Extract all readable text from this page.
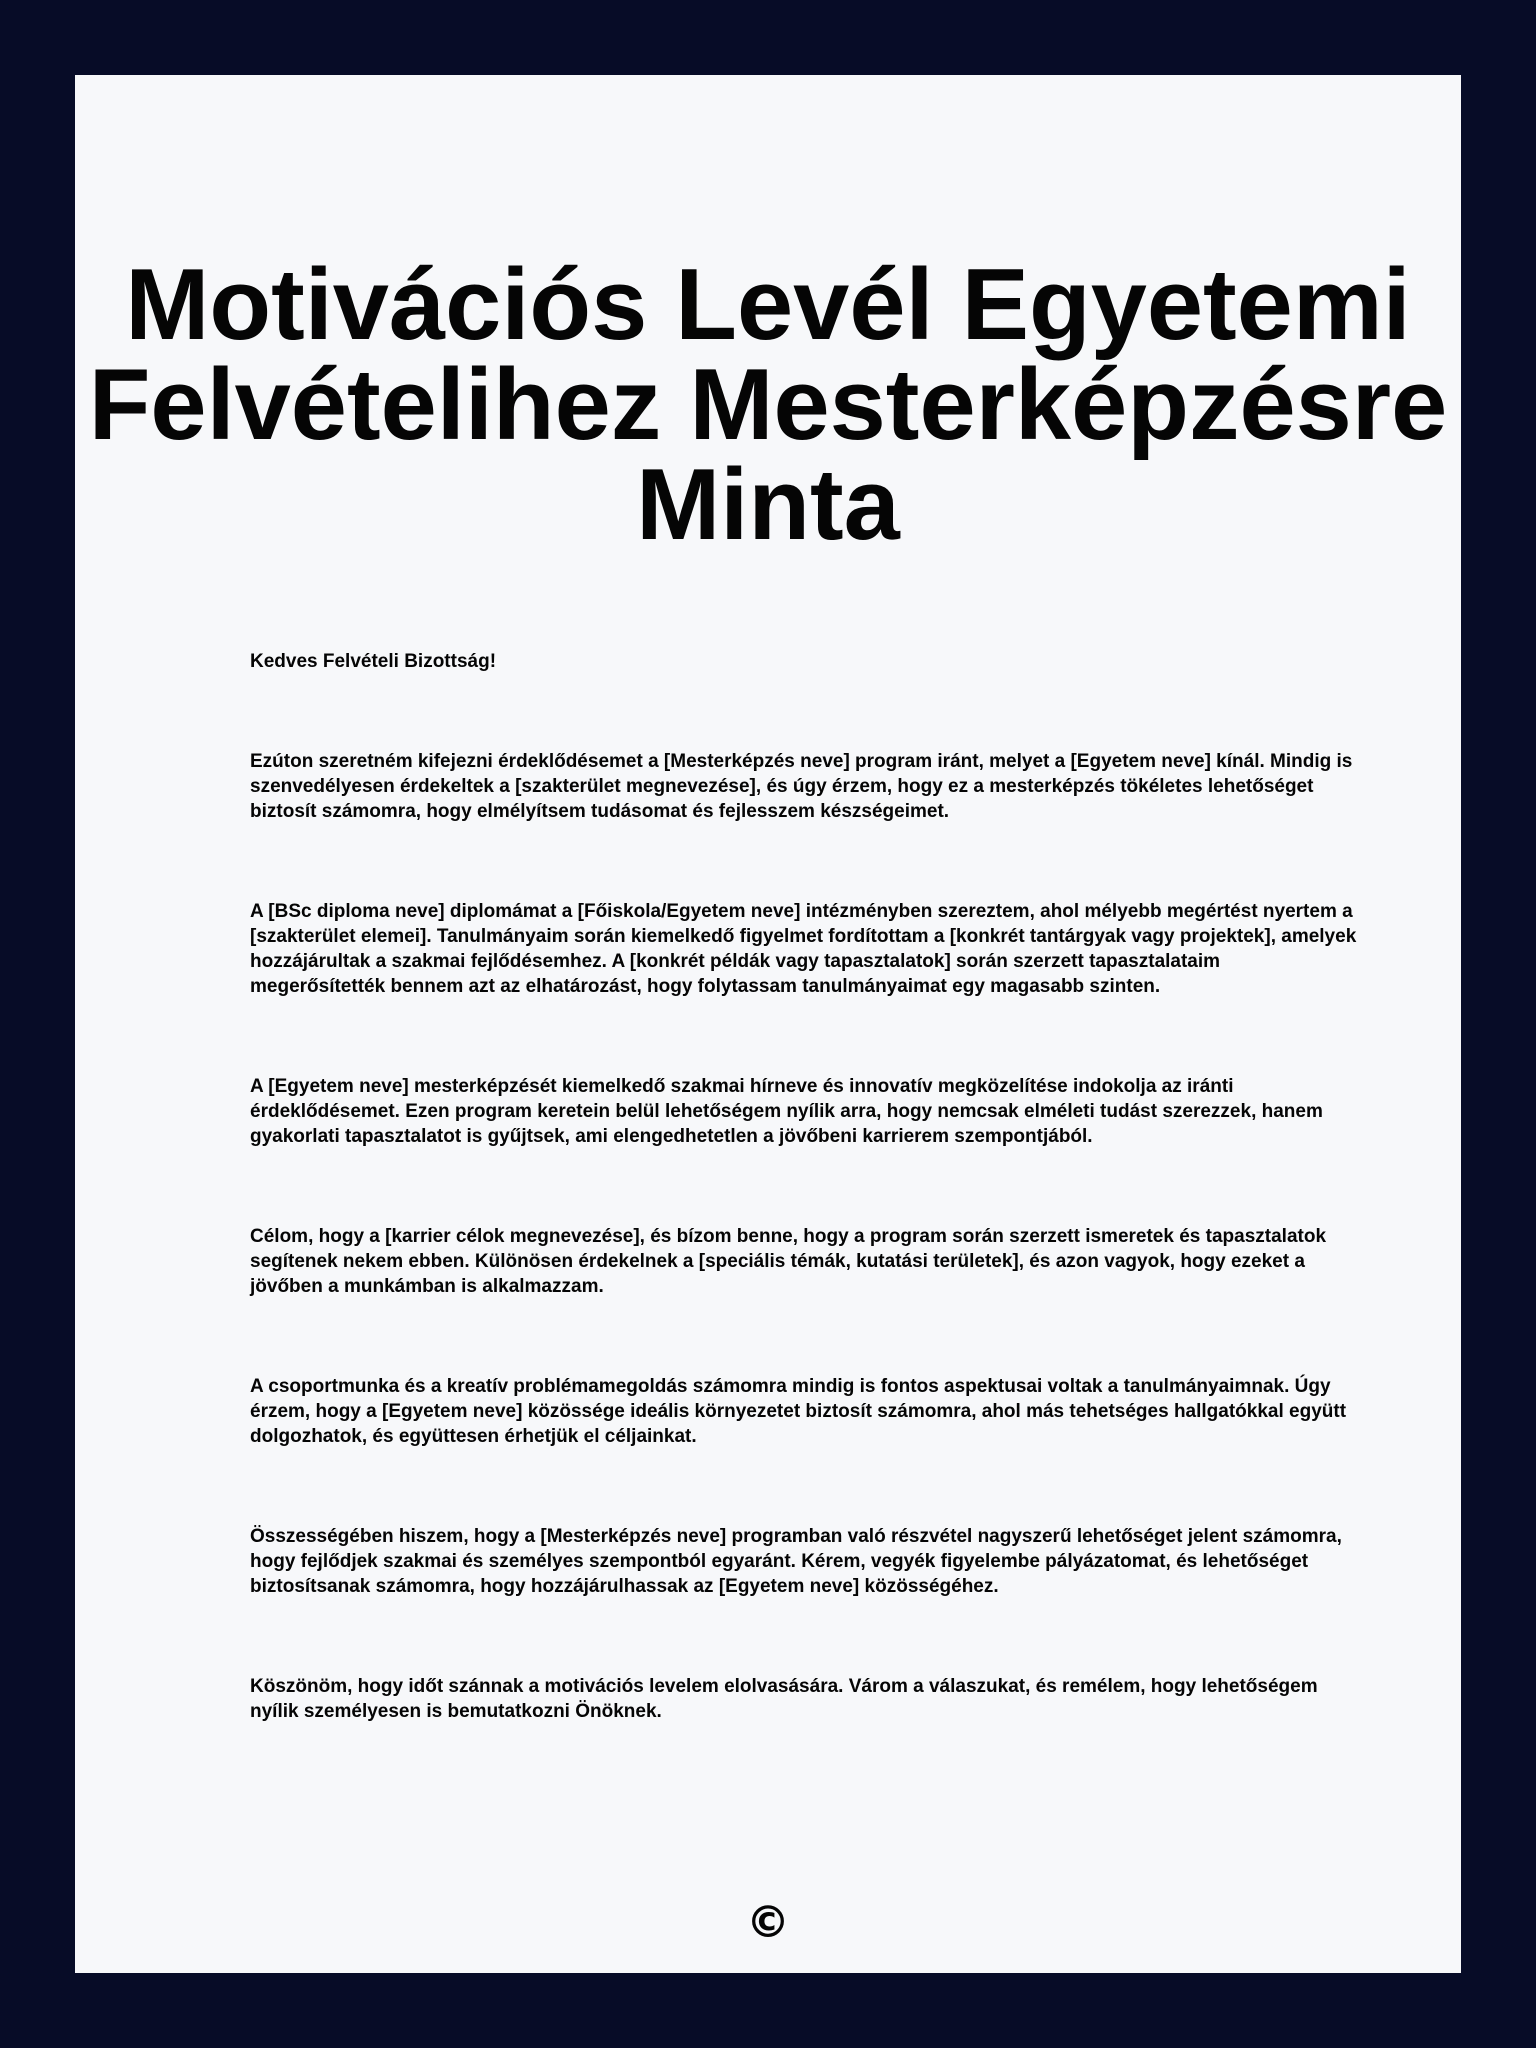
Motivációs Levél Egyetemi Felvételihez Mesterképzésre Minta

Kedves Felvételi Bizottság!

Ezúton szeretném kifejezni érdeklődésemet a [Mesterképzés neve] program iránt, melyet a [Egyetem neve] kínál. Mindig is szenvedélyesen érdekeltek a [szakterület megnevezése], és úgy érzem, hogy ez a mesterképzés tökéletes lehetőséget biztosít számomra, hogy elmélyítsem tudásomat és fejlesszem készségeimet.

A [BSc diploma neve] diplomámat a [Főiskola/Egyetem neve] intézményben szereztem, ahol mélyebb megértést nyertem a [szakterület elemei]. Tanulmányaim során kiemelkedő figyelmet fordítottam a [konkrét tantárgyak vagy projektek], amelyek hozzájárultak a szakmai fejlődésemhez. A [konkrét példák vagy tapasztalatok] során szerzett tapasztalataim megerősítették bennem azt az elhatározást, hogy folytassam tanulmányaimat egy magasabb szinten.

A [Egyetem neve] mesterképzését kiemelkedő szakmai hírneve és innovatív megközelítése indokolja az iránti érdeklődésemet. Ezen program keretein belül lehetőségem nyílik arra, hogy nemcsak elméleti tudást szerezzek, hanem gyakorlati tapasztalatot is gyűjtsek, ami elengedhetetlen a jövőbeni karrierem szempontjából.

Célom, hogy a [karrier célok megnevezése], és bízom benne, hogy a program során szerzett ismeretek és tapasztalatok segítenek nekem ebben. Különösen érdekelnek a [speciális témák, kutatási területek], és azon vagyok, hogy ezeket a jövőben a munkámban is alkalmazzam.

A csoportmunka és a kreatív problémamegoldás számomra mindig is fontos aspektusai voltak a tanulmányaimnak. Úgy érzem, hogy a [Egyetem neve] közössége ideális környezetet biztosít számomra, ahol más tehetséges hallgatókkal együtt dolgozhatok, és együttesen érhetjük el céljainkat.

Összességében hiszem, hogy a [Mesterképzés neve] programban való részvétel nagyszerű lehetőséget jelent számomra, hogy fejlődjek szakmai és személyes szempontból egyaránt. Kérem, vegyék figyelembe pályázatomat, és lehetőséget biztosítsanak számomra, hogy hozzájárulhassak az [Egyetem neve] közösségéhez.

Köszönöm, hogy időt szánnak a motivációs levelem elolvasására. Várom a válaszukat, és remélem, hogy lehetőségem nyílik személyesen is bemutatkozni Önöknek.

©
